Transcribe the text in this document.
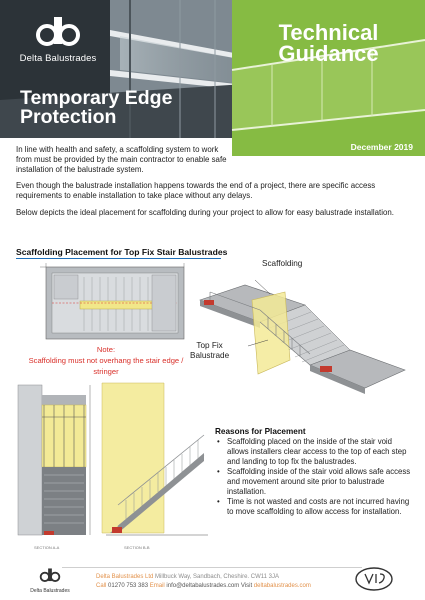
Delta Balustrades
Technical Guidance
December 2019
Temporary Edge Protection
In line with health and safety, a scaffolding system to work from must be provided by the main contractor to enable safe installation of the balustrade system.
Even though the balustrade installation happens towards the end of a project, there are specific access requirements to enable installation to take place without any delays.
Below depicts the ideal placement for scaffolding during your project to allow for easy balustrade installation.
Scaffolding Placement for Top Fix Stair Balustrades
Note:
Scaffolding must not overhang the stair edge / stringer
Scaffolding
Top Fix
Balustrade
SECTION A-A	SECTION B-B
Reasons for Placement
• Scaffolding placed on the inside of the stair void allows installers clear access to the top of each step and landing to top fix the balustrades.
• Scaffolding inside of the stair void allows safe access and movement around site prior to balustrade installation.
• Time is not wasted and costs are not incurred having to move scaffolding to allow access for installation.
Delta Balustrades
Delta Balustrades Ltd Millbuck Way, Sandbach, Cheshire. CW11 3JA
Call 01270 753 383 Email info@deltabalustrades.com Visit deltabalustrades.com
